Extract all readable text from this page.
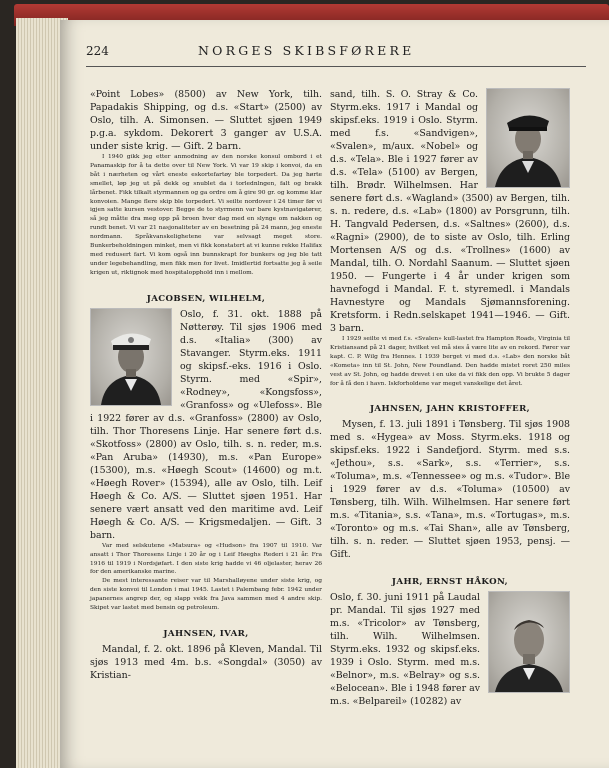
224	NORGES SKIBSFØRERE

«Point Lobes» (8500) av New York, tilh. Papadakis Shipping, og d.s. «Start» (2500) av Oslo, tilh. A. Simonsen. — Sluttet sjøen 1949 p.g.a. sykdom. Dekorert 3 ganger av U.S.A. under siste krig. — Gift. 2 barn.

I 1940 gikk jeg etter anmodning av den norske konsul ombord i et Panamaskip for å ta dette over til New York. Vi var 19 skip i konvoi, da en båt i nærheten og vårt eneste eskortefartøy ble torpedert. Da jeg hørte smellet, løp jeg ut på dekk og snublet da i torlednlngen, falt og brakk lårbenet. Fikk tilkalt styrmannen og ga ordre om å gire 90 gr. og komme klar konvoien. Mange flere skip ble torpedert. Vi seilte nordover i 24 timer før vi igjen satte kursen vestover. Begge de to styrmenn var bare kystnavigatører, så jeg måtte dra meg opp på broen hver dag med en slynge om nakken og rundt benet. Vi var 21 nasjonaliteter av en besetning på 24 mann, jeg eneste nordmann. Språkvanskelighetene var selvsagt meget store. Bunkerbeholdningen minket, men vi fikk konstatert at vi kunne rekke Halifax med redusert fart. Vi kom også inn bunnskrapt for bunkers og jeg ble tatt under legebehandling, men fikk men for livet. Imidlertid fortsatte jeg å seile krigen ut, riktignok med hospitalopphold inn i mellom.

JACOBSEN, WILHELM,

Oslo, f. 31. okt. 1888 på Nøtterøy. Til sjøs 1906 med d.s. «Italia» (300) av Stavanger. Styrm.eks. 1911 og skipsf.-eks. 1916 i Oslo. Styrm. med «Spir», «Rodney», «Kongsfoss», «Granfoss» og «Ulefoss». Ble i 1922 fører av d.s. «Granfoss» (2800) av Oslo, tilh. Thor Thoresens Linje. Har senere ført d.s. «Skotfoss» (2800) av Oslo, tilh. s. n. reder, m.s. «Pan Aruba» (14930), m.s. «Pan Europe» (15300), m.s. «Høegh Scout» (14600) og m.t. «Høegh Rover» (15394), alle av Oslo, tilh. Leif Høegh & Co. A/S. — Sluttet sjøen 1951. Har senere vært ansatt ved den maritime avd. Leif Høegh & Co. A/S. — Krigsmedaljen. — Gift. 3 barn.

Var med selskutene «Matsura» og «Hudson» fra 1907 til 1910. Var ansatt i Thor Thoresens Linje i 20 år og i Leif Høeghs Rederi i 21 år. Fra 1916 til 1919 i Nordsjøfart. I den siste krig hadde vi 46 oljelaster, herav 26 for den amerikanske marine.

De mest interessante reiser var til Marshalløyene under siste krig, og den siste konvoi til London i mai 1945. Lastet i Palembang febr. 1942 under japanernes angrep der, og slapp vekk fra Java sammen med 4 andre skip. Skipet var lastet med bensin og petroleum.

JAHNSEN, IVAR,

Mandal, f. 2. okt. 1896 på Kleven, Mandal. Til sjøs 1913 med 4m. b.s. «Songdal» (3050) av Kristian-

sand, tilh. S. O. Stray & Co. Styrm.eks. 1917 i Mandal og skipsf.eks. 1919 i Oslo. Styrm. med f.s. «Sandvigen», «Svalen», m/aux. «Nobel» og d.s. «Tela». Ble i 1927 fører av d.s. «Tela» (5100) av Bergen, tilh. Brødr. Wilhelmsen. Har senere ført d.s. «Wagland» (3500) av Bergen, tilh. s. n. redere, d.s. «Lab» (1800) av Porsgrunn, tilh. H. Tangvald Pedersen, d.s. «Saltnes» (2600), d.s. «Ragni» (2900), de to siste av Oslo, tilh. Erling Mortensen A/S og d.s. «Trollnes» (1600) av Mandal, tilh. O. Nordahl Saanum. — Sluttet sjøen 1950. — Fungerte i 4 år under krigen som havnefogd i Mandal. F. t. styremedl. i Mandals Havnestyre og Mandals Sjømannsforening. Kretsform. i Redn.selskapet 1941—1946. — Gift. 3 barn.

I 1929 seilte vi med f.s. «Svalen» kull-lastet fra Hampton Roads, Virginia til Kristiansand på 21 dager, hvilket vel må sies å være lite av en rekord. Fører var kapt. C. P. Wilg fra Hennes. I 1939 berget vi med d.s. «Lab» den norske båt «Kometa» inn til St. John, New Foundland. Den hadde mistet roret 250 miles vest av St. John, og hadde drevet i en uke da vi fikk den opp. Vi brukte 5 dager for å få den i havn. Iskforholdene var meget vanskelige det året.

JAHNSEN, JAHN KRISTOFFER,

Mysen, f. 13. juli 1891 i Tønsberg. Til sjøs 1908 med s. «Hygea» av Moss. Styrm.eks. 1918 og skipsf.eks. 1922 i Sandefjord. Styrm. med s.s. «Jethou», s.s. «Sark», s.s. «Terrier», s.s. «Toluma», m.s. «Tennessee» og m.s. «Tudor». Ble i 1929 fører av d.s. «Toluma» (10500) av Tønsberg, tilh. Wilh. Wilhelmsen. Har senere ført m.s. «Titania», s.s. «Tana», m.s. «Tortugas», m.s. «Toronto» og m.s. «Tai Shan», alle av Tønsberg, tilh. s. n. reder. — Sluttet sjøen 1953, pensj. — Gift.

JAHR, ERNST HÅKON,

Oslo, f. 30. juni 1911 på Laudal pr. Mandal. Til sjøs 1927 med m.s. «Tricolor» av Tønsberg, tilh. Wilh. Wilhelmsen. Styrm.eks. 1932 og skipsf.eks. 1939 i Oslo. Styrm. med m.s. «Belnor», m.s. «Belray» og s.s. «Belocean». Ble i 1948 fører av m.s. «Belpareil» (10282) av
